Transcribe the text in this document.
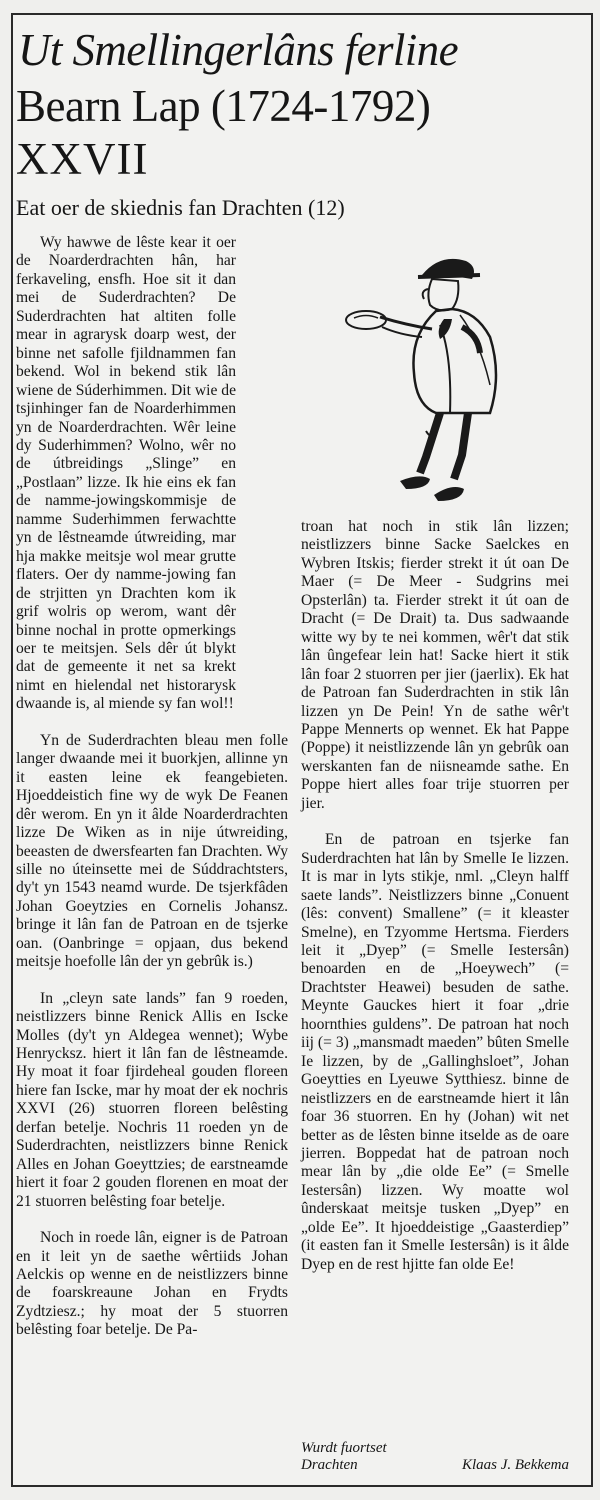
Ut Smellingerlâns ferline
Bearn Lap (1724-1792)
XXVII
Eat oer de skiednis fan Drachten (12)

Wy hawwe de lêste kear it oer de Noarderdrachten hân, har ferkaveling, ensfh. Hoe sit it dan mei de Suderdrachten? De Suderdrachten hat altiten folle mear in agrarysk doarp west, der binne net safolle fjildnammen fan bekend. Wol in bekend stik lân wiene de Súderhimmen. Dit wie de tsjinhinger fan de Noarderhimmen yn de Noarderdrachten. Wêr leine dy Suderhimmen? Wolno, wêr no de útbreidings „Slinge” en „Postlaan” lizze. Ik hie eins ek fan de namme-jowingskommisje de namme Suderhimmen ferwachtte yn de lêstneamde útwreiding, mar hja makke meitsje wol mear grutte flaters. Oer dy namme-jowing fan de strjitten yn Drachten kom ik grif wolris op werom, want dêr binne nochal in protte opmerkings oer te meitsjen. Sels dêr út blykt dat de gemeente it net sa krekt nimt en hielendal net historarysk dwaande is, al miende sy fan wol!!

Yn de Suderdrachten bleau men folle langer dwaande mei it buorkjen, allinne yn it easten leine ek feangebieten. Hjoeddeistich fine wy de wyk De Feanen dêr werom. En yn it âlde Noarderdrachten lizze De Wiken as in nije útwreiding, beeasten de dwersfearten fan Drachten. Wy sille no úteinsette mei de Súddrachtsters, dy't yn 1543 neamd wurde. De tsjerkfâden Johan Goeytzies en Cornelis Johansz. bringe it lân fan de Patroan en de tsjerke oan. (Oanbringe = opjaan, dus bekend meitsje hoefolle lân der yn gebrûk is.)

In „cleyn sate lands” fan 9 roeden, neistlizzers binne Renick Allis en Iscke Molles (dy't yn Aldegea wennet); Wybe Henrycksz. hiert it lân fan de lêstneamde. Hy moat it foar fjirdeheal gouden floreen hiere fan Iscke, mar hy moat der ek nochris XXVI (26) stuorren floreen belêsting derfan betelje. Nochris 11 roeden yn de Suderdrachten, neistlizzers binne Renick Alles en Johan Goeyttzies; de earstneamde hiert it foar 2 gouden florenen en moat der 21 stuorren belêsting foar betelje.

Noch in roede lân, eigner is de Patroan en it leit yn de saethe wêrtiids Johan Aelckis op wenne en de neistlizzers binne de foarskreaune Johan en Frydts Zydtziesz.; hy moat der 5 stuorren belêsting foar betelje. De Pa-

troan hat noch in stik lân lizzen; neistlizzers binne Sacke Saelckes en Wybren Itskis; fierder strekt it út oan De Maer (= De Meer - Sudgrins mei Opsterlân) ta. Fierder strekt it út oan de Dracht (= De Drait) ta. Dus sadwaande witte wy by te nei kommen, wêr't dat stik lân ûngefear lein hat! Sacke hiert it stik lân foar 2 stuorren per jier (jaerlix). Ek hat de Patroan fan Suderdrachten in stik lân lizzen yn De Pein! Yn de sathe wêr't Pappe Mennerts op wennet. Ek hat Pappe (Poppe) it neistlizzende lân yn gebrûk oan werskanten fan de niisneamde sathe. En Poppe hiert alles foar trije stuorren per jier.

En de patroan en tsjerke fan Suderdrachten hat lân by Smelle Ie lizzen. It is mar in lyts stikje, nml. „Cleyn halff saete lands”. Neistlizzers binne „Conuent (lês: convent) Smallene” (= it kleaster Smelne), en Tzyomme Hertsma. Fierders leit it „Dyep” (= Smelle Iestersân) benoarden en de „Hoeywech” (= Drachtster Heawei) besuden de sathe. Meynte Gauckes hiert it foar „drie hoornthies guldens”. De patroan hat noch iij (= 3) „mansmadt maeden” bûten Smelle Ie lizzen, by de „Gallinghsloet”, Johan Goeytties en Lyeuwe Sytthiesz. binne de neistlizzers en de earstneamde hiert it lân foar 36 stuorren. En hy (Johan) wit net better as de lêsten binne itselde as de oare jierren. Boppedat hat de patroan noch mear lân by „die olde Ee” (= Smelle Iestersân) lizzen. Wy moatte wol ûnderskaat meitsje tusken „Dyep” en „olde Ee”. It hjoeddeistige „Gaasterdiep” (it easten fan it Smelle Iestersân) is it âlde Dyep en de rest hjitte fan olde Ee!

Wurdt fuortset
Drachten	Klaas J. Bekkema
